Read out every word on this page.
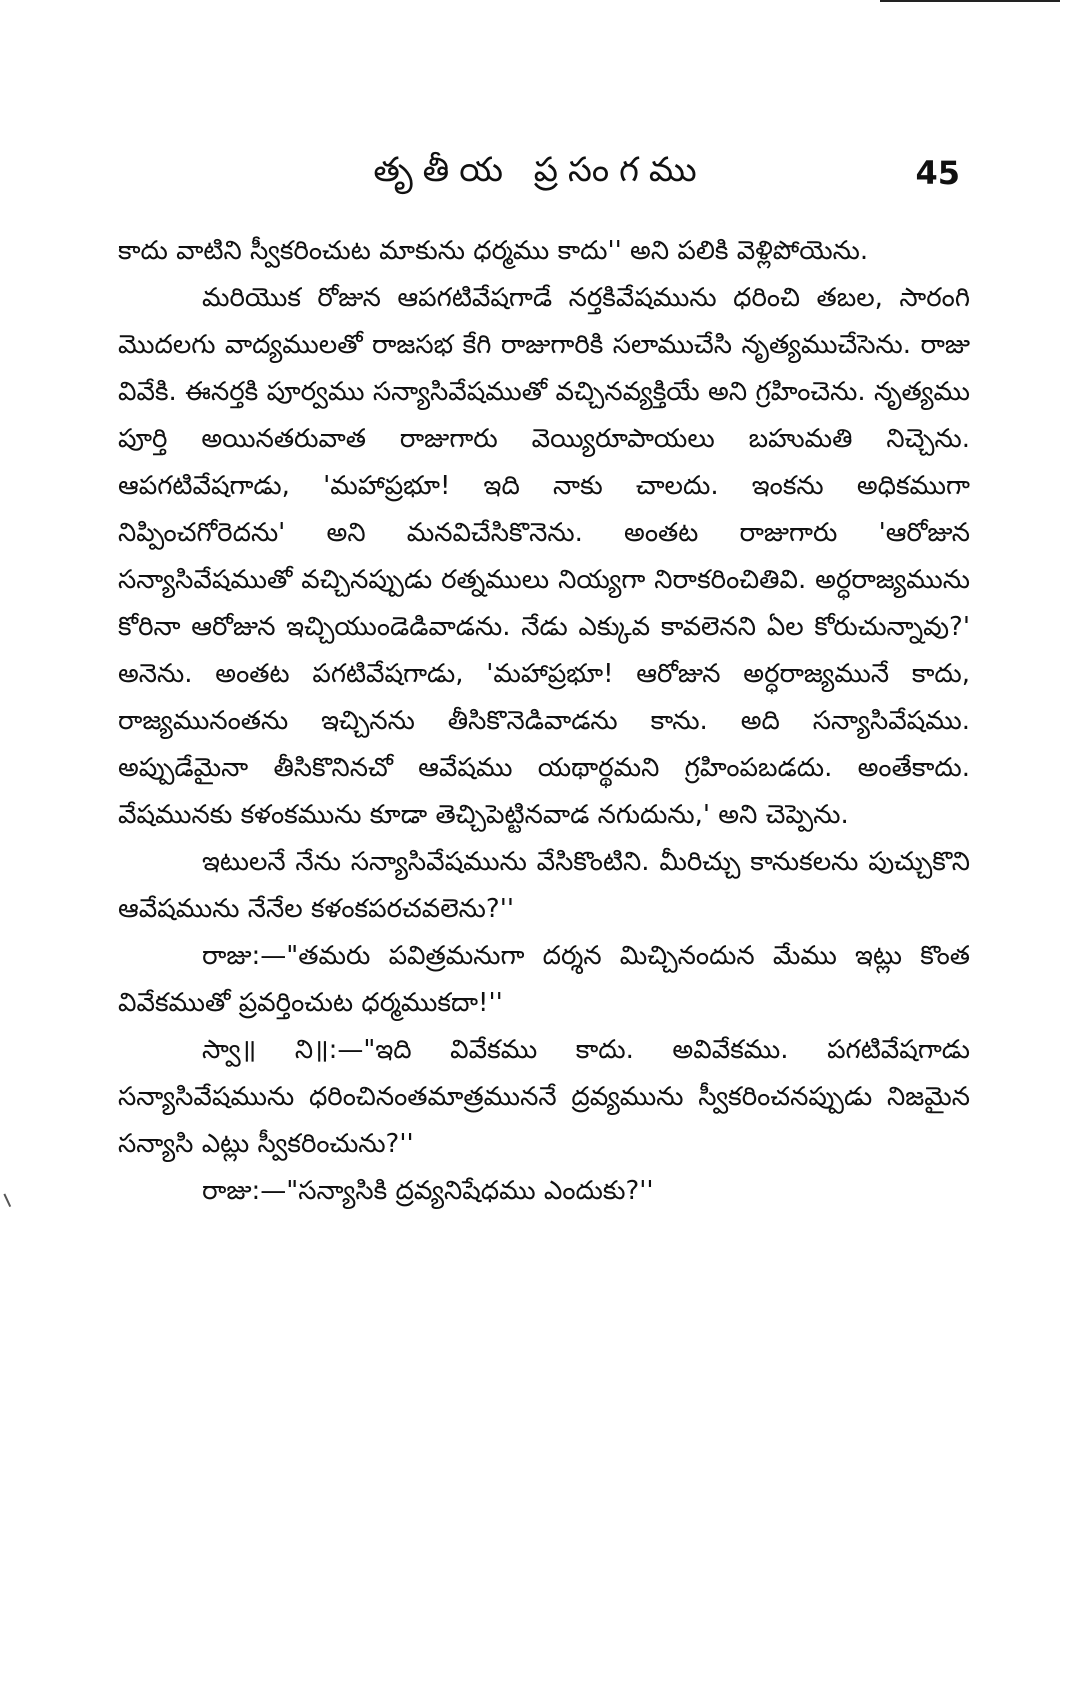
తృతీయ ప్రసంగము	45

కాదు వాటిని స్వీకరించుట మాకును ధర్మము కాదు'' అని పలికి వెళ్లిపోయెను.

మరియొక రోజున ఆపగటివేషగాడే నర్తకివేషమును ధరించి తబల, సారంగి మొదలగు వాద్యములతో రాజసభ కేగి రాజుగారికి సలాముచేసి నృత్యముచేసెను. రాజు వివేకి. ఈనర్తకి పూర్వము సన్యాసివేషముతో వచ్చినవ్యక్తియే అని గ్రహించెను. నృత్యము పూర్తి అయినతరువాత రాజుగారు వెయ్యిరూపాయలు బహుమతి నిచ్చెను. ఆపగటివేషగాడు, 'మహాప్రభూ! ఇది నాకు చాలదు. ఇంకను అధికముగా నిప్పించగోరెదను' అని మనవిచేసికొనెను. అంతట రాజుగారు 'ఆరోజున సన్యాసివేషముతో వచ్చినప్పుడు రత్నములు నియ్యగా నిరాకరించితివి. అర్ధరాజ్యమును కోరినా ఆరోజున ఇచ్చియుండెడివాడను. నేడు ఎక్కువ కావలెనని ఏల కోరుచున్నావు?' అనెను. అంతట పగటివేషగాడు, 'మహాప్రభూ! ఆరోజున అర్ధరాజ్యమునే కాదు, రాజ్యమునంతను ఇచ్చినను తీసికొనెడివాడను కాను. అది సన్యాసివేషము. అప్పుడేమైనా తీసికొనినచో ఆవేషము యథార్థమని గ్రహింపబడదు. అంతేకాదు. వేషమునకు కళంకమును కూడా తెచ్చిపెట్టినవాడ నగుదును,' అని చెప్పెను.

ఇటులనే నేను సన్యాసివేషమును వేసికొంటిని. మీరిచ్చు కానుకలను పుచ్చుకొని ఆవేషమును నేనేల కళంకపరచవలెను?''

రాజు:—"తమరు పవిత్రమనుగా దర్శన మిచ్చినందున మేము ఇట్లు కొంత వివేకముతో ప్రవర్తించుట ధర్మముకదా!''

స్వా॥ ని॥:—"ఇది వివేకము కాదు. అవివేకము. పగటివేషగాడు సన్యాసివేషమును ధరించినంతమాత్రముననే ద్రవ్యమును స్వీకరించనప్పుడు నిజమైన సన్యాసి ఎట్లు స్వీకరించును?''

రాజు:—"సన్యాసికి ద్రవ్యనిషేధము ఎందుకు?''
